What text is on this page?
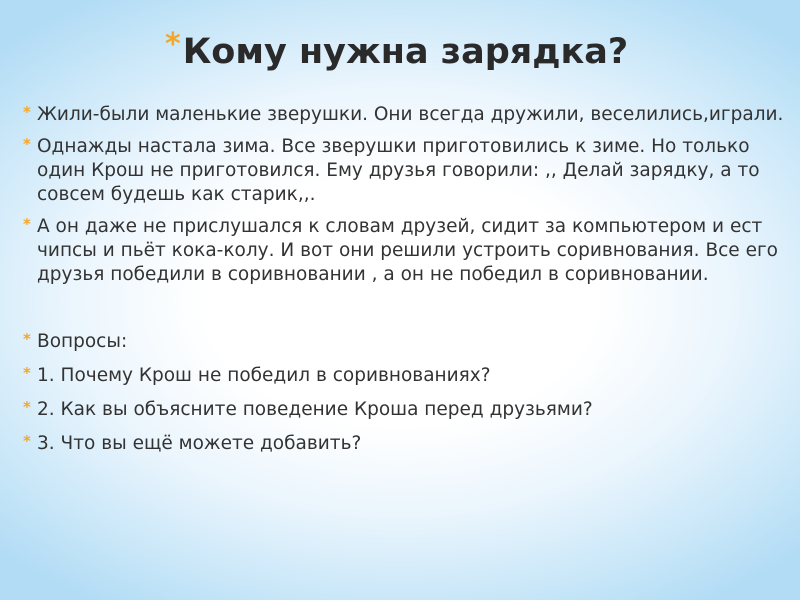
* Кому нужна зарядка?
* Жили-были маленькие зверушки. Они всегда дружили, веселились,играли.
* Однажды настала зима. Все зверушки приготовились к зиме. Но только один Крош не приготовился. Ему друзья говорили: ,, Делай зарядку, а то совсем будешь как старик,,.
* А он даже не прислушался к словам друзей, сидит за компьютером и ест чипсы и пьёт кока-колу. И вот они решили устроить соривнования. Все его друзья победили в соривновании , а он не победил в соривновании.
* Вопросы:
* 1. Почему Крош не победил в соривнованиях?
* 2. Как вы объясните поведение Кроша перед друзьями?
* 3. Что вы ещё можете добавить?
